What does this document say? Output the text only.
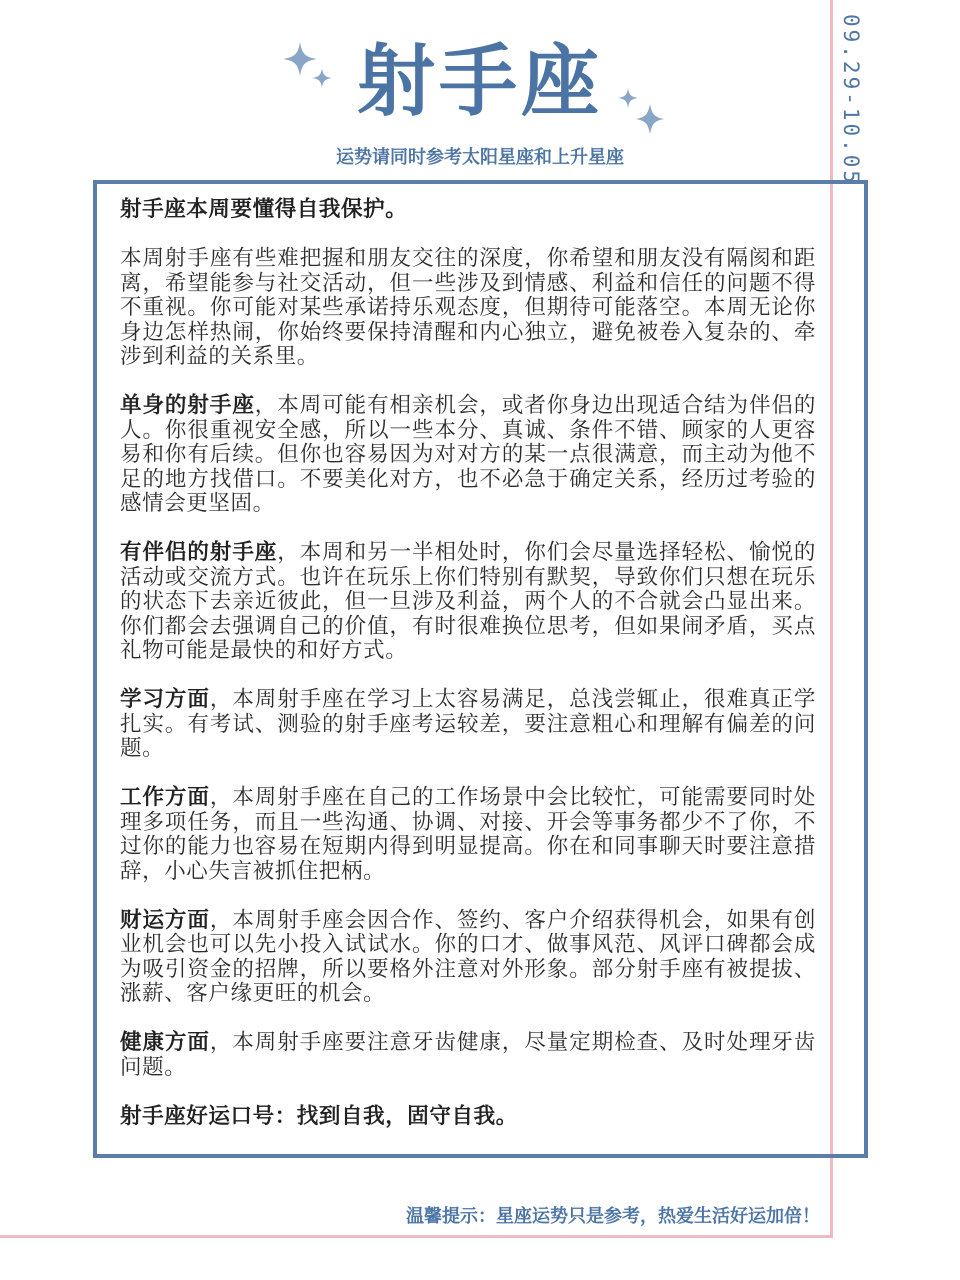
09.29-10.05
射手座
运势请同时参考太阳星座和上升星座

射手座本周要懂得自我保护。

本周射手座有些难把握和朋友交往的深度，你希望和朋友没有隔阂和距离，希望能参与社交活动，但一些涉及到情感、利益和信任的问题不得不重视。你可能对某些承诺持乐观态度，但期待可能落空。本周无论你身边怎样热闹，你始终要保持清醒和内心独立，避免被卷入复杂的、牵涉到利益的关系里。

单身的射手座，本周可能有相亲机会，或者你身边出现适合结为伴侣的人。你很重视安全感，所以一些本分、真诚、条件不错、顾家的人更容易和你有后续。但你也容易因为对对方的某一点很满意，而主动为他不足的地方找借口。不要美化对方，也不必急于确定关系，经历过考验的感情会更坚固。

有伴侣的射手座，本周和另一半相处时，你们会尽量选择轻松、愉悦的活动或交流方式。也许在玩乐上你们特别有默契，导致你们只想在玩乐的状态下去亲近彼此，但一旦涉及利益，两个人的不合就会凸显出来。你们都会去强调自己的价值，有时很难换位思考，但如果闹矛盾，买点礼物可能是最快的和好方式。

学习方面，本周射手座在学习上太容易满足，总浅尝辄止，很难真正学扎实。有考试、测验的射手座考运较差，要注意粗心和理解有偏差的问题。

工作方面，本周射手座在自己的工作场景中会比较忙，可能需要同时处理多项任务，而且一些沟通、协调、对接、开会等事务都少不了你，不过你的能力也容易在短期内得到明显提高。你在和同事聊天时要注意措辞，小心失言被抓住把柄。

财运方面，本周射手座会因合作、签约、客户介绍获得机会，如果有创业机会也可以先小投入试试水。你的口才、做事风范、风评口碑都会成为吸引资金的招牌，所以要格外注意对外形象。部分射手座有被提拔、涨薪、客户缘更旺的机会。

健康方面，本周射手座要注意牙齿健康，尽量定期检查、及时处理牙齿问题。

射手座好运口号：找到自我，固守自我。

温馨提示：星座运势只是参考，热爱生活好运加倍！
